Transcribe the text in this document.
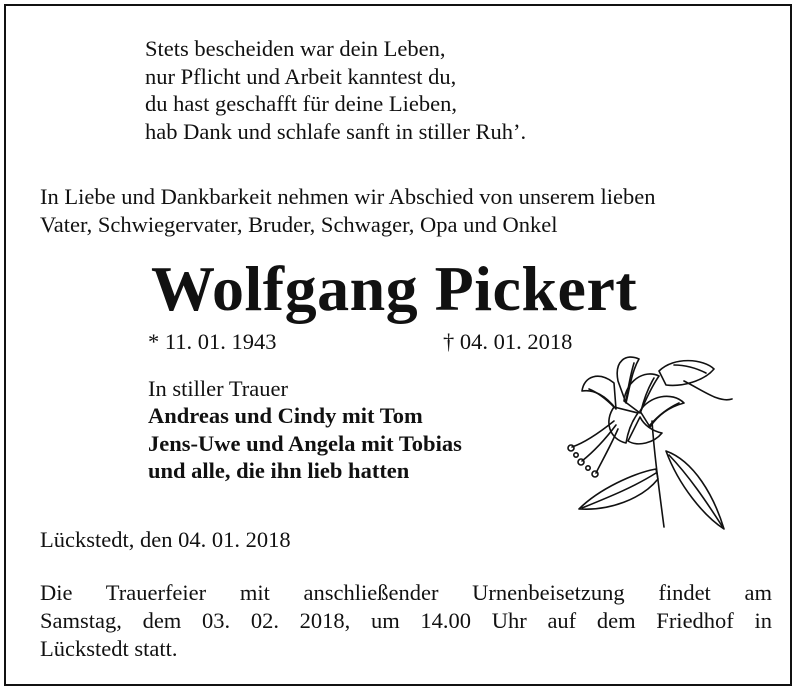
Stets bescheiden war dein Leben,
nur Pflicht und Arbeit kanntest du,
du hast geschafft für deine Lieben,
hab Dank und schlafe sanft in stiller Ruh’.
In Liebe und Dankbarkeit nehmen wir Abschied von unserem lieben
Vater, Schwiegervater, Bruder, Schwager, Opa und Onkel
Wolfgang Pickert
* 11. 01. 1943	† 04. 01. 2018
In stiller Trauer
Andreas und Cindy mit Tom
Jens-Uwe und Angela mit Tobias
und alle, die ihn lieb hatten
Lückstedt, den 04. 01. 2018
Die Trauerfeier mit anschließender Urnenbeisetzung findet am
Samstag, dem 03. 02. 2018, um 14.00 Uhr auf dem Friedhof in
Lückstedt statt.
